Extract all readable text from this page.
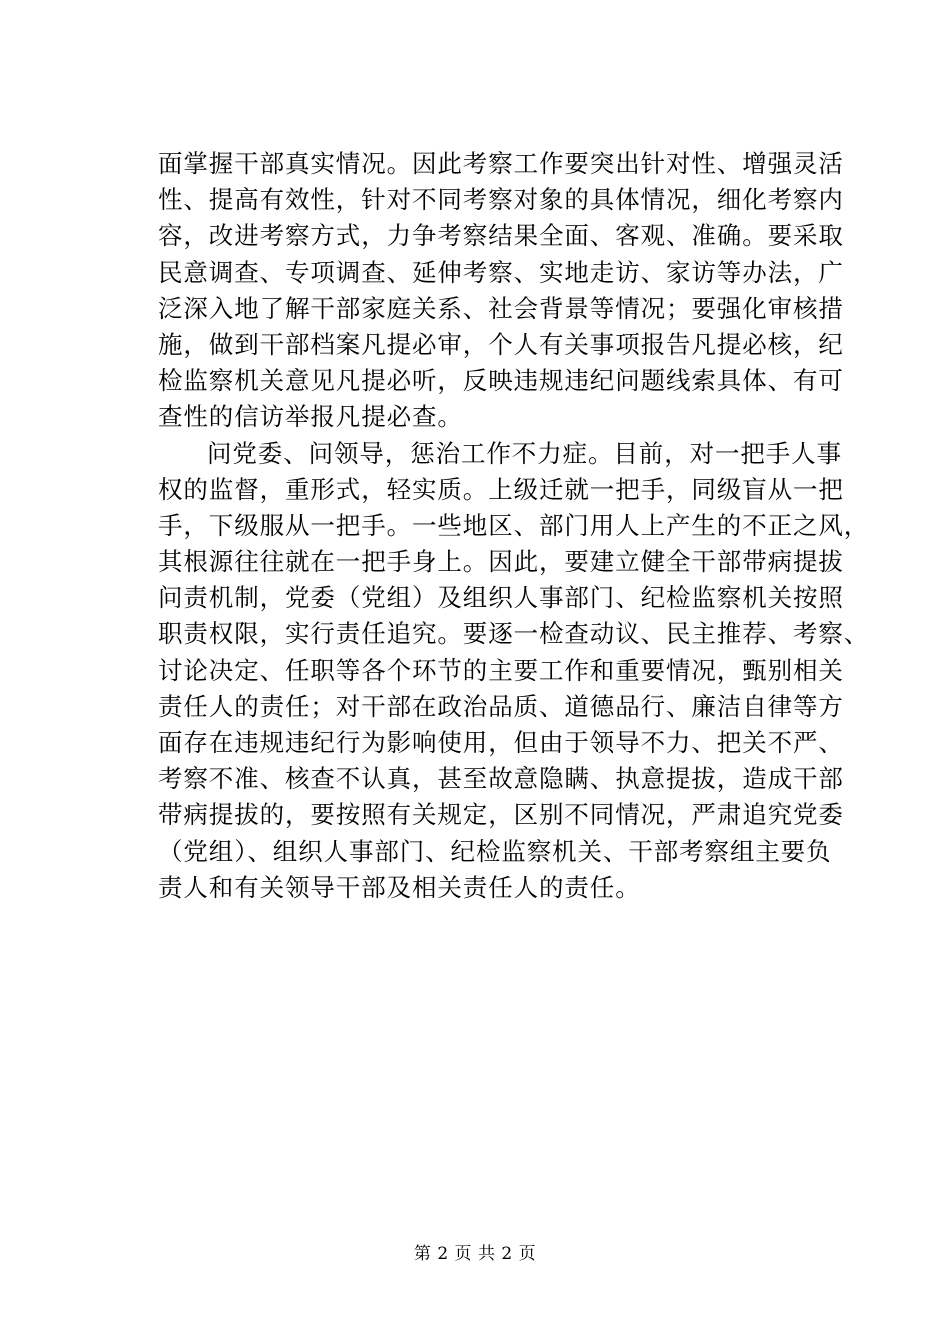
面掌握干部真实情况。因此考察工作要突出针对性、增强灵活
性、提高有效性，针对不同考察对象的具体情况，细化考察内
容，改进考察方式，力争考察结果全面、客观、准确。要采取
民意调查、专项调查、延伸考察、实地走访、家访等办法，广
泛深入地了解干部家庭关系、社会背景等情况；要强化审核措
施，做到干部档案凡提必审，个人有关事项报告凡提必核，纪
检监察机关意见凡提必听，反映违规违纪问题线索具体、有可
查性的信访举报凡提必查。
问党委、问领导，惩治工作不力症。目前，对一把手人事
权的监督，重形式，轻实质。上级迁就一把手，同级盲从一把
手，下级服从一把手。一些地区、部门用人上产生的不正之风，
其根源往往就在一把手身上。因此，要建立健全干部带病提拔
问责机制，党委（党组）及组织人事部门、纪检监察机关按照
职责权限，实行责任追究。要逐一检查动议、民主推荐、考察、
讨论决定、任职等各个环节的主要工作和重要情况，甄别相关
责任人的责任；对干部在政治品质、道德品行、廉洁自律等方
面存在违规违纪行为影响使用，但由于领导不力、把关不严、
考察不准、核查不认真，甚至故意隐瞒、执意提拔，造成干部
带病提拔的，要按照有关规定，区别不同情况，严肃追究党委
（党组）、组织人事部门、纪检监察机关、干部考察组主要负
责人和有关领导干部及相关责任人的责任。
第 2 页 共 2 页
